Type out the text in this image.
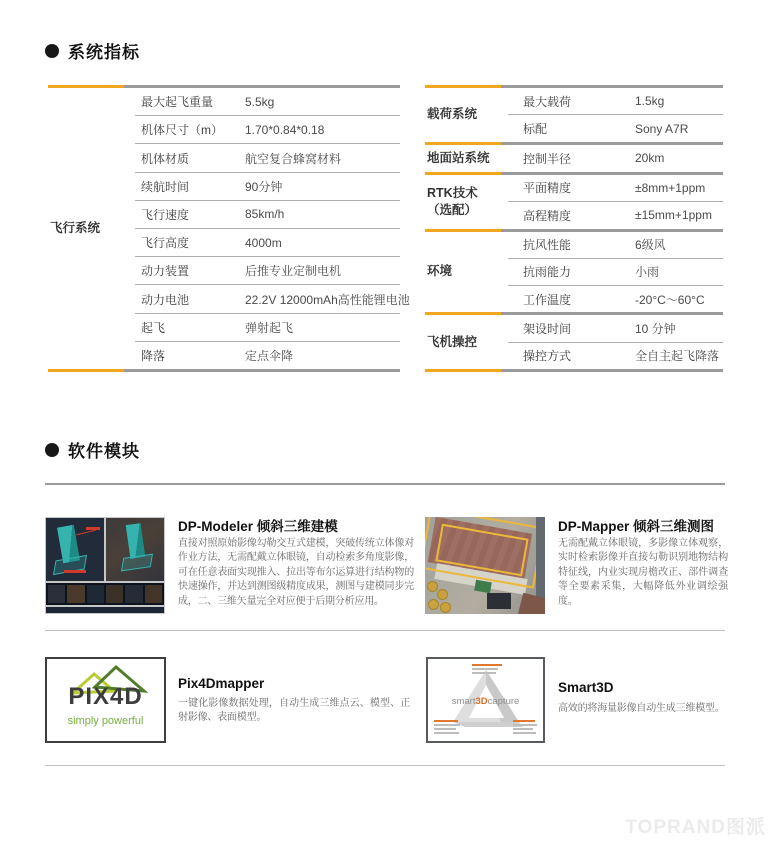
系统指标
飞行系统
最大起飞重量	5.5kg
机体尺寸（m）	1.70*0.84*0.18
机体材质	航空复合蜂窝材料
续航时间	90分钟
飞行速度	85km/h
飞行高度	4000m
动力装置	后推专业定制电机
动力电池	22.2V 12000mAh高性能锂电池
起飞	弹射起飞
降落	定点伞降
载荷系统
最大载荷	1.5kg
标配	Sony A7R
地面站系统	控制半径	20km
RTK技术
（选配）
平面精度	±8mm+1ppm
高程精度	±15mm+1ppm
环境
抗风性能	6级风
抗雨能力	小雨
工作温度	-20°C～60°C
飞机操控
架设时间	10 分钟
操控方式	全自主起飞降落
软件模块
DP-Modeler 倾斜三维建模
直接对照原始影像勾勒交互式建模，突破传统立体像对作业方法，无需配戴立体眼镜，自动检索多角度影像，可在任意表面实现推入、拉出等布尔运算进行结构物的快速操作，并达到测图级精度成果，测图与建模同步完成，二、三维矢量完全对应便于后期分析应用。
DP-Mapper 倾斜三维测图
无需配戴立体眼镜，多影像立体观察，实时检索影像并直接勾勒识别地物结构特征线，内业实现房檐改正、部件调查等全要素采集，大幅降低外业调绘强度。
PIX4D
simply powerful
Pix4Dmapper
一键化影像数据处理，自动生成三维点云、模型、正射影像、表面模型。
smart3Dcapture
Smart3D
高效的将海量影像自动生成三维模型。
TOPRAND图派
